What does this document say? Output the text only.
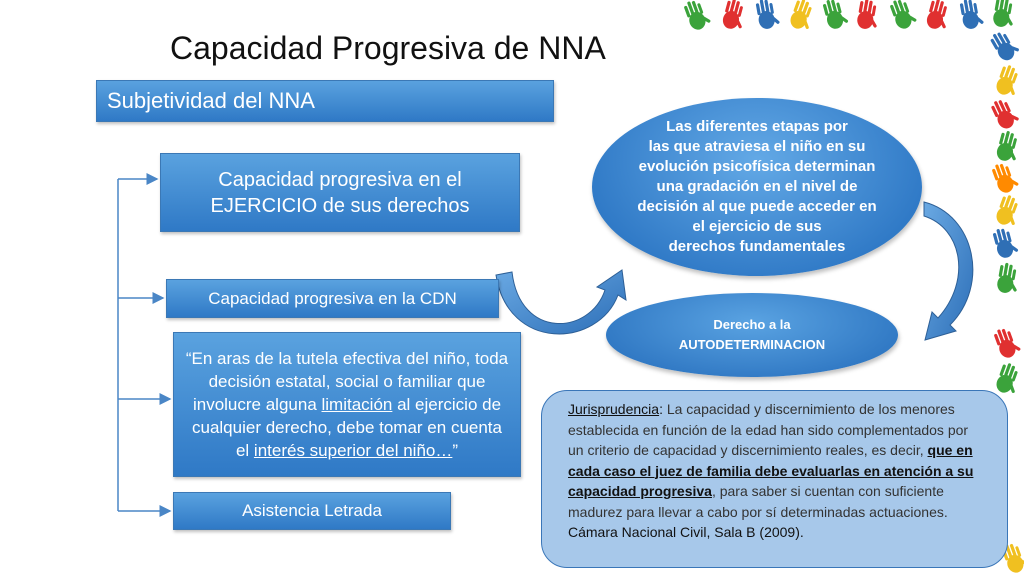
Capacidad Progresiva de NNA
Subjetividad del NNA
Capacidad progresiva en el
EJERCICIO de sus derechos
Capacidad progresiva en la CDN
“En aras de la tutela efectiva del niño, toda decisión estatal, social o familiar que involucre alguna limitación al ejercicio de cualquier derecho, debe tomar en cuenta el interés superior del niño…”
Asistencia Letrada
Las diferentes etapas por
las que atraviesa el niño en su
evolución psicofísica determinan
una gradación en el nivel de
decisión al que puede acceder en
el ejercicio de sus
derechos fundamentales
Derecho a la
AUTODETERMINACION
Jurisprudencia: La capacidad y discernimiento de los menores establecida en función de la edad han sido complementados por un criterio de capacidad y discernimiento reales, es decir, que en cada caso el juez de familia debe evaluarlas en atención a su capacidad progresiva, para saber si cuentan con suficiente madurez para llevar a cabo por sí determinadas actuaciones. Cámara Nacional Civil, Sala B (2009).
